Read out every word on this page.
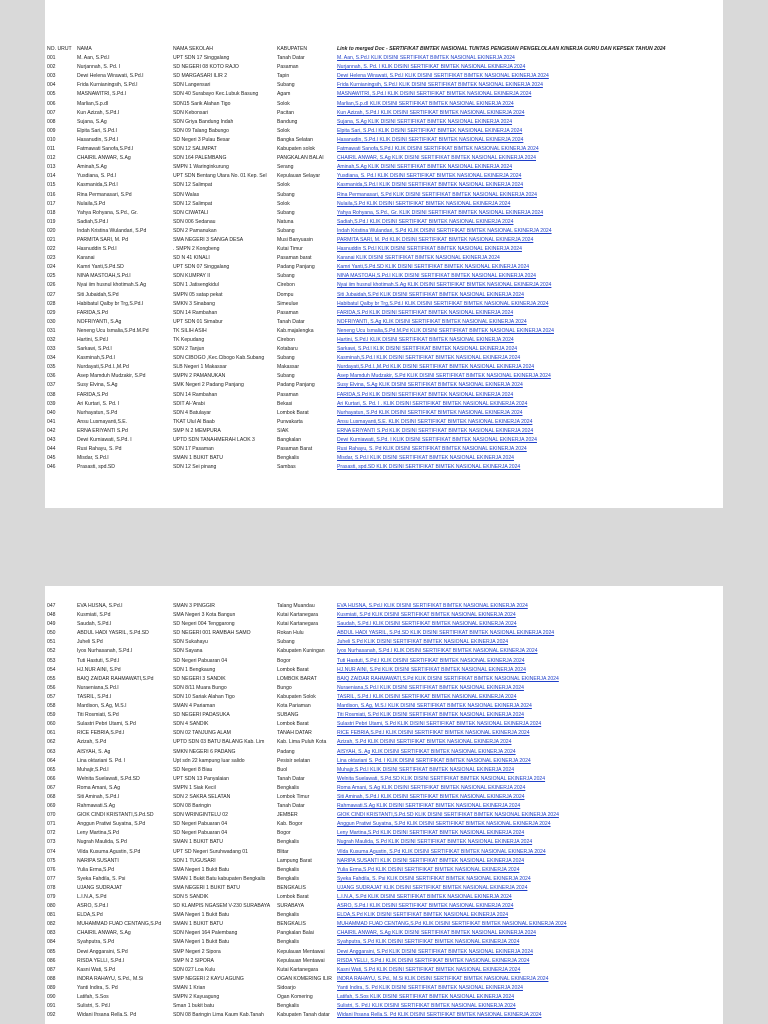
NO. URUT	NAMA	NAMA SEKOLAH	KABUPATEN	Link to merged Doc - SERTIFIKAT BIMTEK NASIONAL TUNTAS PENGISIAN PENGELOLAAN KINERJA GURU DAN KEPSEK TAHUN 2024
001	M. Aan, S.Pd.I	UPT SDN 17 Singgalang	Tanah Datar	M. Aan, S.Pd.I KLIK DISINI SERTIFIKAT BIMTEK NASIONAL EKINERJA 2024
002	Nurjannah, S. Pd. I	SD NEGERI 08 KOTO RAJO	Pasaman	Nurjannah, S. Pd. I KLIK DISINI SERTIFIKAT BIMTEK NASIONAL EKINERJA 2024
003	Dewi Helena Wirawati, S.Pd.I	SD MARGASARI ILIR 2	Tapin	Dewi Helena Wirawati, S.Pd.I KLIK DISINI SERTIFIKAT BIMTEK NASIONAL EKINERJA 2024
004	Frida Kurnianingsih, S.Pd.I	SDN Langensari	Subang	Frida Kurnianingsih, S.Pd.I KLIK DISINI SERTIFIKAT BIMTEK NASIONAL EKINERJA 2024
005	MASNAWITRI, S.Pd.I	SDN 40 Surabayo Kec.Lubuk Basung	Agam	MASNAWITRI, S.Pd.I KLIK DISINI SERTIFIKAT BIMTEK NASIONAL EKINERJA 2024
006	Marlian,S.p.dI	SDN15 Sarik Alahan Tigo	Solok	Marlian,S.p.dI KLIK DISINI SERTIFIKAT BIMTEK NASIONAL EKINERJA 2024
007	Kun Azizah, S.Pd.I	SDN Kebonsari	Pacitan	Kun Azizah, S.Pd.I KLIK DISINI SERTIFIKAT BIMTEK NASIONAL EKINERJA 2024
008	Sujana, S.Ag	SDN Griya Bandung Indah	Bandung	Sujana, S.Ag KLIK DISINI SERTIFIKAT BIMTEK NASIONAL EKINERJA 2024
009	Elpita Sari, S.Pd.I	SDN 09 Talang Babungo	Solok	Elpita Sari, S.Pd.I KLIK DISINI SERTIFIKAT BIMTEK NASIONAL EKINERJA 2024
010	Hasanudin, S.Pd.I	SD Negeri 3 Pulau Besar	Bangka Selatan	Hasanudin, S.Pd.I KLIK DISINI SERTIFIKAT BIMTEK NASIONAL EKINERJA 2024
011	Fatmawati Sanofa,S.Pd.I	SDN 12 SALIMPAT	Kabupaten solok	Fatmawati Sanofa,S.Pd.I KLIK DISINI SERTIFIKAT BIMTEK NASIONAL EKINERJA 2024
012	CHAIRIL ANWAR, S.Ag	SDN 164 PALEMBANG	PANGKALAN BALAI	CHAIRIL ANWAR, S.Ag KLIK DISINI SERTIFIKAT BIMTEK NASIONAL EKINERJA 2024
013	Aminah,S.Ag	SMPN 1 Waringinkurung	Serang	Aminah,S.Ag KLIK DISINI SERTIFIKAT BIMTEK NASIONAL EKINERJA 2024
014	Yusdiana, S. Pd.I	UPT SDN Bentang Utara No. 01 Kep. Sel	Kepulauan Selayar	Yusdiana, S. Pd.I KLIK DISINI SERTIFIKAT BIMTEK NASIONAL EKINERJA 2024
015	Kasmanida,S.Pd.I	SDN 12 Salimpat	Solok	Kasmanida,S.Pd.I KLIK DISINI SERTIFIKAT BIMTEK NASIONAL EKINERJA 2024
016	Rina Permanasari, S.Pd	SDN Walas	Subang	Rina Permanasari, S.Pd KLIK DISINI SERTIFIKAT BIMTEK NASIONAL EKINERJA 2024
017	Nulaila,S.Pd	SDN 12 Salimpat	Solok	Nulaila,S.Pd KLIK DISINI SERTIFIKAT BIMTEK NASIONAL EKINERJA 2024
018	Yahya Rohyana, S.Pd., Gr.	SDN CIWATALI	Subang	Yahya Rohyana, S.Pd., Gr. KLIK DISINI SERTIFIKAT BIMTEK NASIONAL EKINERJA 2024
019	Sadiah,S.Pd.I	SDN 006 Sedanau	Natuna	Sadiah,S.Pd.I KLIK DISINI SERTIFIKAT BIMTEK NASIONAL EKINERJA 2024
020	Indah Kristina Wulandari, S.Pd	SDN 2 Pamanukan	Subang	Indah Kristina Wulandari, S.Pd KLIK DISINI SERTIFIKAT BIMTEK NASIONAL EKINERJA 2024
021	PARMITA SARI, M. Pd	SMA NEGERI 3 SANGA DESA	Musi Banyuasin	PARMITA SARI, M. Pd KLIK DISINI SERTIFIKAT BIMTEK NASIONAL EKINERJA 2024
022	Hasnuddin S.Pd.I	. SMPN 2 Kongbeng	Kutai Timur	Hasnuddin S.Pd.I KLIK DISINI SERTIFIKAT BIMTEK NASIONAL EKINERJA 2024
023	Karanai	SD N 41 KINALI	Pasaman barat	Karanai KLIK DISINI SERTIFIKAT BIMTEK NASIONAL EKINERJA 2024
024	Kamri Yanti,S.Pd.SD	UPT SDN 07 Singgalang	Padang Panjang	Kamri Yanti,S.Pd.SD KLIK DISINI SERTIFIKAT BIMTEK NASIONAL EKINERJA 2024
025	NINA MASTOAH,S.Pd.I	SDN KUMPAY II	Subang	NINA MASTOAH,S.Pd.I KLIK DISINI SERTIFIKAT BIMTEK NASIONAL EKINERJA 2024
026	Nyai iim husnul khotimah.S.Ag	SDN 1 Jatisengkidul	Cirebon	Nyai iim husnul khotimah.S.Ag KLIK DISINI SERTIFIKAT BIMTEK NASIONAL EKINERJA 2024
027	Siti Jubaidah,S.Pd	SMPN 05 satap pekat	Dompu	Siti Jubaidah,S.Pd KLIK DISINI SERTIFIKAT BIMTEK NASIONAL EKINERJA 2024
028	Habibatul Qalby br Trg,S.Pd.I	SMKN 3 Sinabang	Simeulue	Habibatul Qalby br Trg,S.Pd.I KLIK DISINI SERTIFIKAT BIMTEK NASIONAL EKINERJA 2024
029	FARIDA,S.Pd	SDN 14 Rambahan	Pasaman	FARIDA,S.Pd KLIK DISINI SERTIFIKAT BIMTEK NASIONAL EKINERJA 2024
030	NOFRIYANTI, S.Ag	UPT SDN 01 Simabur	Tanah Datar	NOFRIYANTI, S.Ag KLIK DISINI SERTIFIKAT BIMTEK NASIONAL EKINERJA 2024
031	Neneng Ucu Ismalia,S.Pd.M.Pd	TK SILIH ASIH	Kab.majalengka	Neneng Ucu Ismalia,S.Pd.M.Pd KLIK DISINI SERTIFIKAT BIMTEK NASIONAL EKINERJA 2024
032	Hartini, S.Pd.I	TK Kepudang	Cirebon	Hartini, S.Pd.I KLIK DISINI SERTIFIKAT BIMTEK NASIONAL EKINERJA 2024
033	Sarkawi, S.Pd.I	SDN 2 Tanjun	Kotabaru	Sarkawi, S.Pd.I KLIK DISINI SERTIFIKAT BIMTEK NASIONAL EKINERJA 2024
034	Kasminah,S.Pd.I	SDN CIBOGO ,Kec.Cibogo Kab.Subang	Subang	Kasminah,S.Pd.I KLIK DISINI SERTIFIKAT BIMTEK NASIONAL EKINERJA 2024
035	Nurdayati,S.Pd.I.,M.Pd	SLB Negeri 1 Makassar	Makassar	Nurdayati,S.Pd.I.,M.Pd KLIK DISINI SERTIFIKAT BIMTEK NASIONAL EKINERJA 2024
036	Asep Mamduh Mudzakir, S.Pd	SMPN 2 PAMANUKAN	Subang	Asep Mamduh Mudzakir, S.Pd KLIK DISINI SERTIFIKAT BIMTEK NASIONAL EKINERJA 2024
037	Susy Elvina, S.Ag	SMK Negeri 2 Padang Panjang	Padang Panjang	Susy Elvina, S.Ag KLIK DISINI SERTIFIKAT BIMTEK NASIONAL EKINERJA 2024
038	FARIDA,S.Pd	SDN 14 Rambahan	Pasaman	FARIDA,S.Pd KLIK DISINI SERTIFIKAT BIMTEK NASIONAL EKINERJA 2024
039	Ari Kurtari, S. Pd. I	SDIT Al-'Arabi	Bekasi	Ari Kurtari, S. Pd. I . KLIK DISINI SERTIFIKAT BIMTEK NASIONAL EKINERJA 2024
040	Nurhayatun, S.Pd	SDN 4 Batulayar	Lombok Barat	Nurhayatun, S.Pd KLIK DISINI SERTIFIKAT BIMTEK NASIONAL EKINERJA 2024
041	Ansu Lusmayanti,S.E.	TKAT Ulul Al Baab	Purwakarta	Ansu Lusmayanti,S.E. KLIK DISINI SERTIFIKAT BIMTEK NASIONAL EKINERJA 2024
042	ERNA ERIYANTI S.Pd	SMP N 2 MEMPURA	SIAK	ERNA ERIYANTI S.Pd KLIK DISINI SERTIFIKAT BIMTEK NASIONAL EKINERJA 2024
043	Dewi Kurniawati, S.Pd. I	UPTD SDN TANAHMERAH LAOK 3	Bangkalan	Dewi Kurniawati, S.Pd. I KLIK DISINI SERTIFIKAT BIMTEK NASIONAL EKINERJA 2024
044	Rusi Rahayu, S. Pd	SDN 17 Pasaman	Pasaman Barat	Rusi Rahayu, S. Pd KLIK DISINI SERTIFIKAT BIMTEK NASIONAL EKINERJA 2024
045	Misdar, S.Pd.I	SMAN 1 BUKIT BATU	Bengkalis	Misdar, S.Pd.I KLIK DISINI SERTIFIKAT BIMTEK NASIONAL EKINERJA 2024
046	Prasasti, spd.SD	SDN 12 Sei pinang	Sambas	Prasasti, spd.SD KLIK DISINI SERTIFIKAT BIMTEK NASIONAL EKINERJA 2024
047	EVA HUSNA, S.Pd.I	SMAN 3 PINGGIR	Talang Muandau	EVA HUSNA, S.Pd.I KLIK DISINI SERTIFIKAT BIMTEK NASIONAL EKINERJA 2024
048	Kusmiati, S.Pd	SMA Negeri 3 Kota Bangun	Kutai Kartanegara	Kusmiati, S.Pd KLIK DISINI SERTIFIKAT BIMTEK NASIONAL EKINERJA 2024
049	Saudah, S.Pd.I	SD Negeri 004 Tenggarong	Kutai Kartanegara	Saudah, S.Pd.I KLIK DISINI SERTIFIKAT BIMTEK NASIONAL EKINERJA 2024
050	ABDUL HADI YASRIL, S.Pd.SD	SD NEGERI 001 RAMBAH SAMO	Rokan Hulu	ABDUL HADI YASRIL, S.Pd.SD KLIK DISINI SERTIFIKAT BIMTEK NASIONAL EKINERJA 2024
051	Juheli S.Pd	SDN Sukahayu	Subang	Juheli S.Pd KLIK DISINI SERTIFIKAT BIMTEK NASIONAL EKINERJA 2024
052	Iyos Nurhasanah, S.Pd.I	SDN Sayana	Kabupaten Kuningan	Iyos Nurhasanah, S.Pd.I KLIK DISINI SERTIFIKAT BIMTEK NASIONAL EKINERJA 2024
053	Tuti Hastuti, S.Pd.I	SD Negeri Pabuaran 04	Bogor	Tuti Hastuti, S.Pd.I KLIK DISINI SERTIFIKAT BIMTEK NASIONAL EKINERJA 2024
054	HJ.NUR AINI, S.Pd	SDN 1 Bengkaung	Lombok Barat	HJ.NUR AINI, S.Pd KLIK DISINI SERTIFIKAT BIMTEK NASIONAL EKINERJA 2024
055	BAIQ ZAIDAR RAHMAWATI,S.Pd	SD NEGERI 3 SANDIK	LOMBOK BARAT	BAIQ ZAIDAR RAHMAWATI,S.Pd KLIK DISINI SERTIFIKAT BIMTEK NASIONAL EKINERJA 2024
056	Nuraeniana,S.Pd.I	SDN 8/11 Muara Bungo	Bungo	Nuraeniana,S.Pd.I KLIK DISINI SERTIFIKAT BIMTEK NASIONAL EKINERJA 2024
057	TASRIL, S.Pd.I	SDN 10 Sariak Alahan Tigo	Kabupaten Solok	TASRIL, S.Pd.I KLIK DISINI SERTIFIKAT BIMTEK NASIONAL EKINERJA 2024
058	Mardison, S.Ag, M.S.I	SMAN 4 Pariaman	Kota Pariaman	Mardison, S.Ag, M.S.I KLIK DISINI SERTIFIKAT BIMTEK NASIONAL EKINERJA 2024
059	Titi Rosmiati, S.Pd	SD NEGERI PADASUKA	SUBANG	Titi Rosmiati, S.Pd KLIK DISINI SERTIFIKAT BIMTEK NASIONAL EKINERJA 2024
060	Sulastri Pebri Utami, S.Pd	SDN 4 SANDIK	Lombok Barat	Sulastri Pebri Utami, S.Pd KLIK DISINI SERTIFIKAT BIMTEK NASIONAL EKINERJA 2024
061	RICE FEBRIA,S.Pd.I	SDN 02 TANJUNG ALAM	TANAH DATAR	RICE FEBRIA,S.Pd.I KLIK DISINI SERTIFIKAT BIMTEK NASIONAL EKINERJA 2024
062	Azizah, S.Pd	UPTD SDN 03 BATU BALANG Kab. Lim	Kab. Lima Puluh Kota	Azizah, S.Pd KLIK DISINI SERTIFIKAT BIMTEK NASIONAL EKINERJA 2024
063	AISYAH, S. Ag	SMKN NEGERI 6 PADANG	Padang	AISYAH, S. Ag KLIK DISINI SERTIFIKAT BIMTEK NASIONAL EKINERJA 2024
064	Lina oktariani S. Pd. I	Upt sdn 22 kampung luar salido	Pesisir selatan	Lina oktariani S. Pd. I KLIK DISINI SERTIFIKAT BIMTEK NASIONAL EKINERJA 2024
065	Muhajir,S.Pd.I	SD Negeri 8 Biau	Buol	Muhajir,S.Pd.I KLIK DISINI SERTIFIKAT BIMTEK NASIONAL EKINERJA 2024
066	Welnita Suelawati, S.Pd.SD	UPT SDN 13 Panyalaian	Tanah Datar	Welnita Suelawati, S.Pd.SD KLIK DISINI SERTIFIKAT BIMTEK NASIONAL EKINERJA 2024
067	Roma Amani, S.Ag	SMPN 1 Siak Kecil	Bengkalis	Roma Amani, S.Ag KLIK DISINI SERTIFIKAT BIMTEK NASIONAL EKINERJA 2024
068	Siti Aminah, S.Pd.I	SDN 2 SAKRA SELATAN	Lombok Timur	Siti Aminah, S.Pd.I KLIK DISINI SERTIFIKAT BIMTEK NASIONAL EKINERJA 2024
069	Rahmawati.S.Ag	SDN 08 Baringin	Tanah Datar	Rahmawati.S.Ag KLIK DISINI SERTIFIKAT BIMTEK NASIONAL EKINERJA 2024
070	GIOK CINDI KRISTANTI,S.Pd.SD	SDN WRINGINTELU 02	JEMBER	GIOK CINDI KRISTANTI,S.Pd.SD KLIK DISINI SERTIFIKAT BIMTEK NASIONAL EKINERJA 2024
071	Anggun Pratiwi Suyatna, S.Pd	SD Negeri Pabuaran 04	Kab. Bogor	Anggun Pratiwi Suyatna, S.Pd KLIK DISINI SERTIFIKAT BIMTEK NASIONAL EKINERJA 2024
072	Leny Martina,S.Pd	SD Negeri Pabuaran 04	Bogor	Leny Martina,S.Pd KLIK DISINI SERTIFIKAT BIMTEK NASIONAL EKINERJA 2024
073	Nugrah Maulida, S.Pd	SMAN 1 BUKIT BATU	Bengkalis	Nugrah Maulida, S.Pd KLIK DISINI SERTIFIKAT BIMTEK NASIONAL EKINERJA 2024
074	Vilda Kusuma Agustin, S.Pd	UPT SD Negeri Suruhwadang 01	Blitar	Vilda Kusuma Agustin, S.Pd KLIK DISINI SERTIFIKAT BIMTEK NASIONAL EKINERJA 2024
075	NARIPA SUSANTI	SDN 1 TUGUSARI	Lampung Barat	NARIPA SUSANTI KLIK DISINI SERTIFIKAT BIMTEK NASIONAL EKINERJA 2024
076	Yulia Erma,S.Pd	SMA Negeri 1 Bukit Batu	Bengkalis	Yulia Erma,S.Pd KLIK DISINI SERTIFIKAT BIMTEK NASIONAL EKINERJA 2024
077	Syeka Fahdila, S. Psi	SMAN 1 Bukit Batu kabupaten Bengkalis	Bengkalis	Syeka Fahdila, S. Psi KLIK DISINI SERTIFIKAT BIMTEK NASIONAL EKINERJA 2024
078	UJANG SUDRAJAT	SMA NEGERI 1 BUKIT BATU	BENGKALIS	UJANG SUDRAJAT KLIK DISINI SERTIFIKAT BIMTEK NASIONAL EKINERJA 2024
079	L.I.N.A, S.Pd	SDN 5 SANDIK	Lombok Barat	L.I.N.A, S.Pd KLIK DISINI SERTIFIKAT BIMTEK NASIONAL EKINERJA 2024
080	ASRO, S.Pd.I	SD KLAMPIS NGASEM V-230 SURABAYA	SURABAYA	ASRO, S.Pd.I KLIK DISINI SERTIFIKAT BIMTEK NASIONAL EKINERJA 2024
081	ELDA,S.Pd	SMA Negeri 1 Bukit Batu	Bengkalis	ELDA,S.Pd KLIK DISINI SERTIFIKAT BIMTEK NASIONAL EKINERJA 2024
082	MUHAMMAD FUAD CENTANG,S.Pd	SMAN 1 BUKIT BATU	BENGKALIS	MUHAMMAD FUAD CENTANG,S.Pd KLIK DISINI SERTIFIKAT BIMTEK NASIONAL EKINERJA 2024
083	CHAIRIL ANWAR, S.Ag	SDN Negeri 164 Palembang	Pangkalan Balai	CHAIRIL ANWAR, S.Ag KLIK DISINI SERTIFIKAT BIMTEK NASIONAL EKINERJA 2024
084	Syahputra, S.Pd	SMA Negeri 1 Bukit Batu	Bengkalis	Syahputra, S.Pd KLIK DISINI SERTIFIKAT BIMTEK NASIONAL EKINERJA 2024
085	Dewi Anggaraini, S.Pd	SMP Negeri 2 Sipora	Kepulauan Mentawai	Dewi Anggaraini, S.Pd KLIK DISINI SERTIFIKAT BIMTEK NASIONAL EKINERJA 2024
086	RISDA YELLI, S.Pd.I	SMP N 2 SIPORA	Kepulauan Mentawai	RISDA YELLI, S.Pd.I KLIK DISINI SERTIFIKAT BIMTEK NASIONAL EKINERJA 2024
087	Kasni Wati, S.Pd	SDN 027 Loa Kulu	Kutai Kartanegara	Kasni Wati, S.Pd KLIK DISINI SERTIFIKAT BIMTEK NASIONAL EKINERJA 2024
088	INDRA RAHAYU, S.Pd., M.Si	SMP NEGERI 2 KAYU AGUNG	OGAN KOMERING ILIR	INDRA RAHAYU, S.Pd., M.Si KLIK DISINI SERTIFIKAT BIMTEK NASIONAL EKINERJA 2024
089	Yanti Indira, S. Pd	SMAN 1 Krian	Sidoarjo	Yanti Indira, S. Pd KLIK DISINI SERTIFIKAT BIMTEK NASIONAL EKINERJA 2024
090	Latifah, S.Sos	SMPN 2 Kayuagung	Ogan Komering	Latifah, S.Sos KLIK DISINI SERTIFIKAT BIMTEK NASIONAL EKINERJA 2024
091	Sulistri, S. Pd.I	Sman 1 bukit batu	Bengkalis	Sulistri, S. Pd.I KLIK DISINI SERTIFIKAT BIMTEK NASIONAL EKINERJA 2024
092	Widani Ihsana Rella.S. Pd	SDN 08 Baringin Lima Kaum Kab.Tanah	Kabupaten Tanah datar	Widani Ihsana Rella.S. Pd KLIK DISINI SERTIFIKAT BIMTEK NASIONAL EKINERJA 2024
